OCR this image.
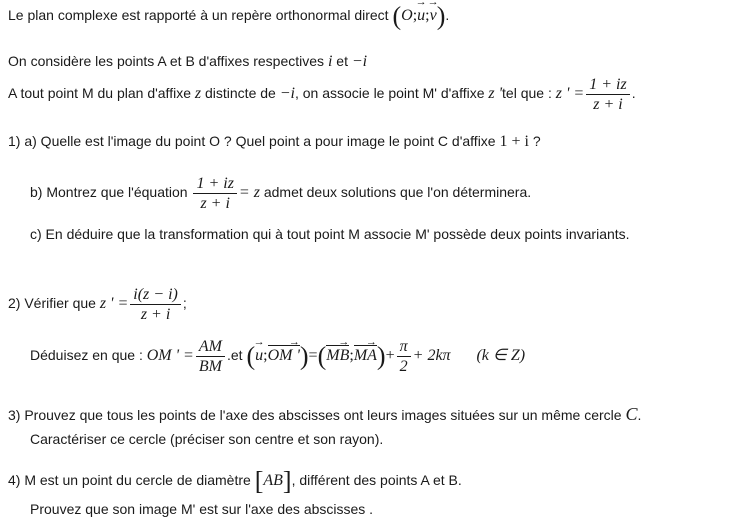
Le plan complexe est rapporté à un repère orthonormal direct (O;→ u;→ v).
On considère les points A et B d'affixes respectives i et −i
A tout point M du plan d'affixe z distincte de −i, on associe le point M' d'affixe z 'tel que : z ' = $\frac{1 + iz}{z + i}$ .
1) a) Quelle est l'image du point O ? Quel point a pour image le point C d'affixe 1 + i ?
b) Montrez que l'équation $\frac{1 + iz}{z + i} = z$ admet deux solutions que l'on déterminera.
c) En déduire que la transformation qui à tout point M associe M' possède deux points invariants.
2) Vérifier que z ' = $\frac{i(z - i)}{z + i}$ ;
Déduisez en que : OM ' = $\frac{AM}{BM} .et$ (→ u;→ OM ')=(→ MB;→ $MA)+ \frac{\pi}{2} + 2k\pi$ (k ∈ Z)
3) Prouvez que tous les points de l'axe des abscisses ont leurs images situées sur un même cercle C.
Caractériser ce cercle (préciser son centre et son rayon).
4) M est un point du cercle de diamètre [AB], différent des points A et B.
Prouvez que son image M' est sur l'axe des abscisses .
